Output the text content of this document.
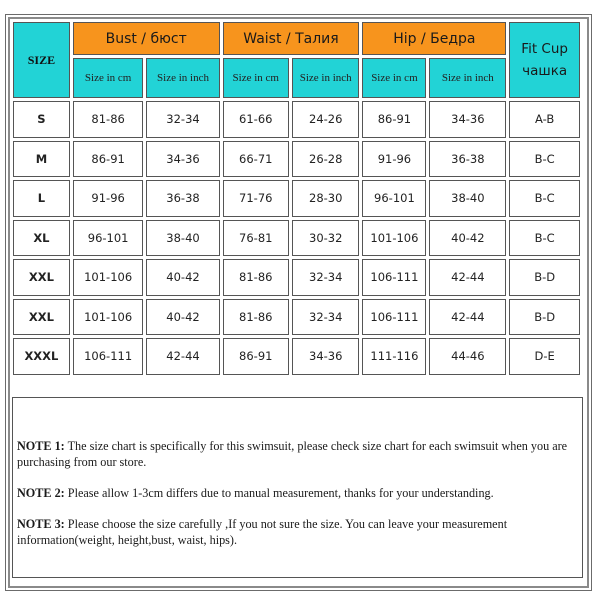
SIZE	Bust / бюст		Waist / Талия		Hip / Бедра		Fit Cup
чашка

	Size in cm	Size in inch	Size in cm	Size in inch	Size in cm	Size in inch	
S	81-86	32-34	61-66	24-26	86-91	34-36	A-B
M	86-91	34-36	66-71	26-28	91-96	36-38	B-C
L	91-96	36-38	71-76	28-30	96-101	38-40	B-C
XL	96-101	38-40	76-81	30-32	101-106	40-42	B-C
XXL	101-106	40-42	81-86	32-34	106-111	42-44	B-D
XXL	101-106	40-42	81-86	32-34	106-111	42-44	B-D
XXXL	106-111	42-44	86-91	34-36	111-116	44-46	D-E

NOTE 1: The size chart is specifically for this swimsuit, please check size chart for each swimsuit when you are purchasing from our store.

NOTE 2: Please allow 1-3cm differs due to manual measurement, thanks for your understanding.

NOTE 3: Please choose the size carefully ,If you not sure the size. You can leave your measurement information(weight, height,bust, waist, hips).
